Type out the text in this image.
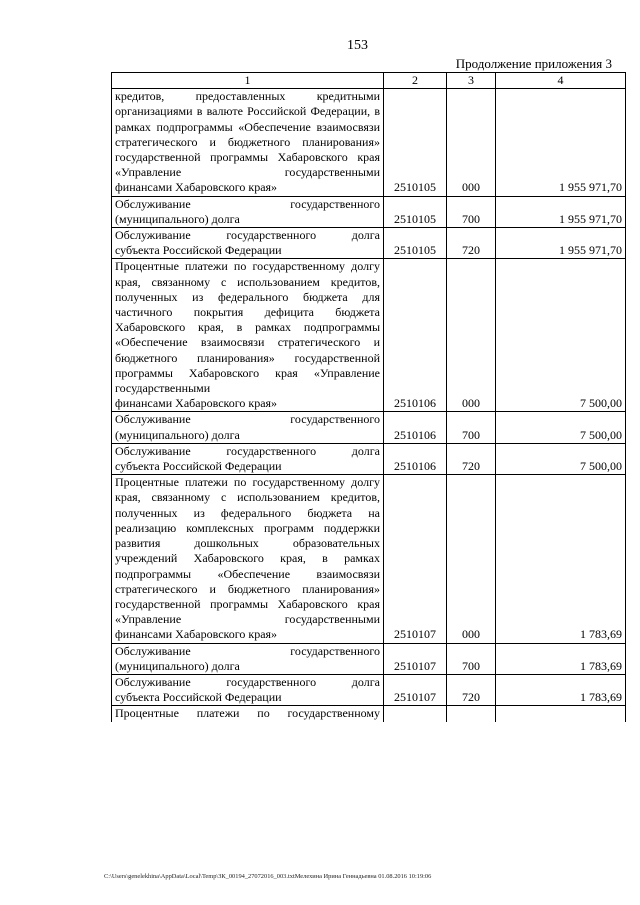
153
Продолжение приложения 3
1	2	3	4
кредитов, предоставленных кредитными организациями в валюте Российской Федерации, в рамках подпрограммы «Обеспечение взаимосвязи стратегического и бюджетного планирования» государственной программы Хабаровского края «Управление государственными
финансами Хабаровского края»	2510105	000	1 955 971,70
Обслуживание государственного
(муниципального) долга	2510105	700	1 955 971,70
Обслуживание государственного долга
субъекта Российской Федерации	2510105	720	1 955 971,70
Процентные платежи по государственному долгу края, связанному с использованием кредитов, полученных из федерального бюджета для частичного покрытия дефицита бюджета Хабаровского края, в рамках подпрограммы «Обеспечение взаимосвязи стратегического и бюджетного планирования» государственной программы Хабаровского края «Управление государственными
финансами Хабаровского края»	2510106	000	7 500,00
Обслуживание государственного
(муниципального) долга	2510106	700	7 500,00
Обслуживание государственного долга
субъекта Российской Федерации	2510106	720	7 500,00
Процентные платежи по государственному долгу края, связанному с использованием кредитов, полученных из федерального бюджета на реализацию комплексных программ поддержки развития дошкольных образовательных учреждений Хабаровского края, в рамках подпрограммы «Обеспечение взаимосвязи стратегического и бюджетного планирования» государственной программы Хабаровского края «Управление государственными
финансами Хабаровского края»	2510107	000	1 783,69
Обслуживание государственного
(муниципального) долга	2510107	700	1 783,69
Обслуживание государственного долга
субъекта Российской Федерации	2510107	720	1 783,69
Процентные платежи по государственному			
C:\Users\genelekhina\AppData\Local\Temp\ЗК_00194_27072016_003.txtМелехина Ирина Геннадьевна 01.08.2016 10:19:06
